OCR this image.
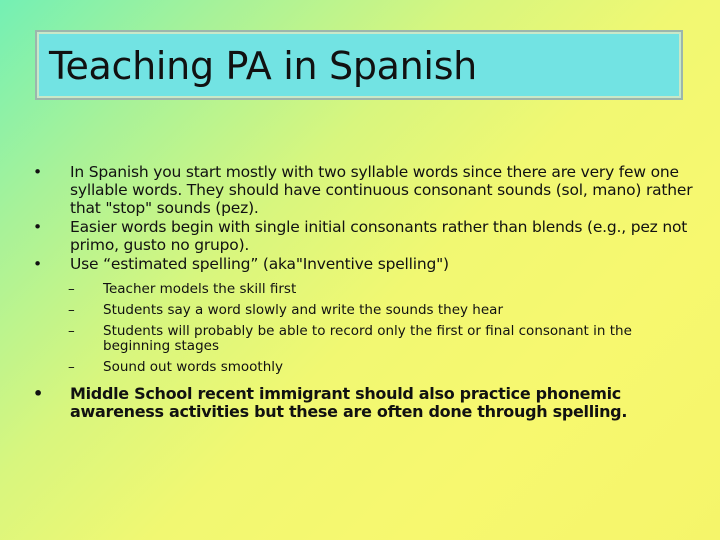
Teaching PA in Spanish
• In Spanish you start mostly with two syllable words since there are very few one syllable words. They should have continuous consonant sounds (sol, mano) rather that "stop" sounds (pez).
• Easier words begin with single initial consonants rather than blends (e.g., pez not primo, gusto no grupo).
• Use “estimated spelling” (aka"Inventive spelling")
– Teacher models the skill first
– Students say a word slowly and write the sounds they hear
– Students will probably be able to record only the first or final consonant in the beginning stages
– Sound out words smoothly
• Middle School recent immigrant should also practice phonemic awareness activities but these are often done through spelling.
